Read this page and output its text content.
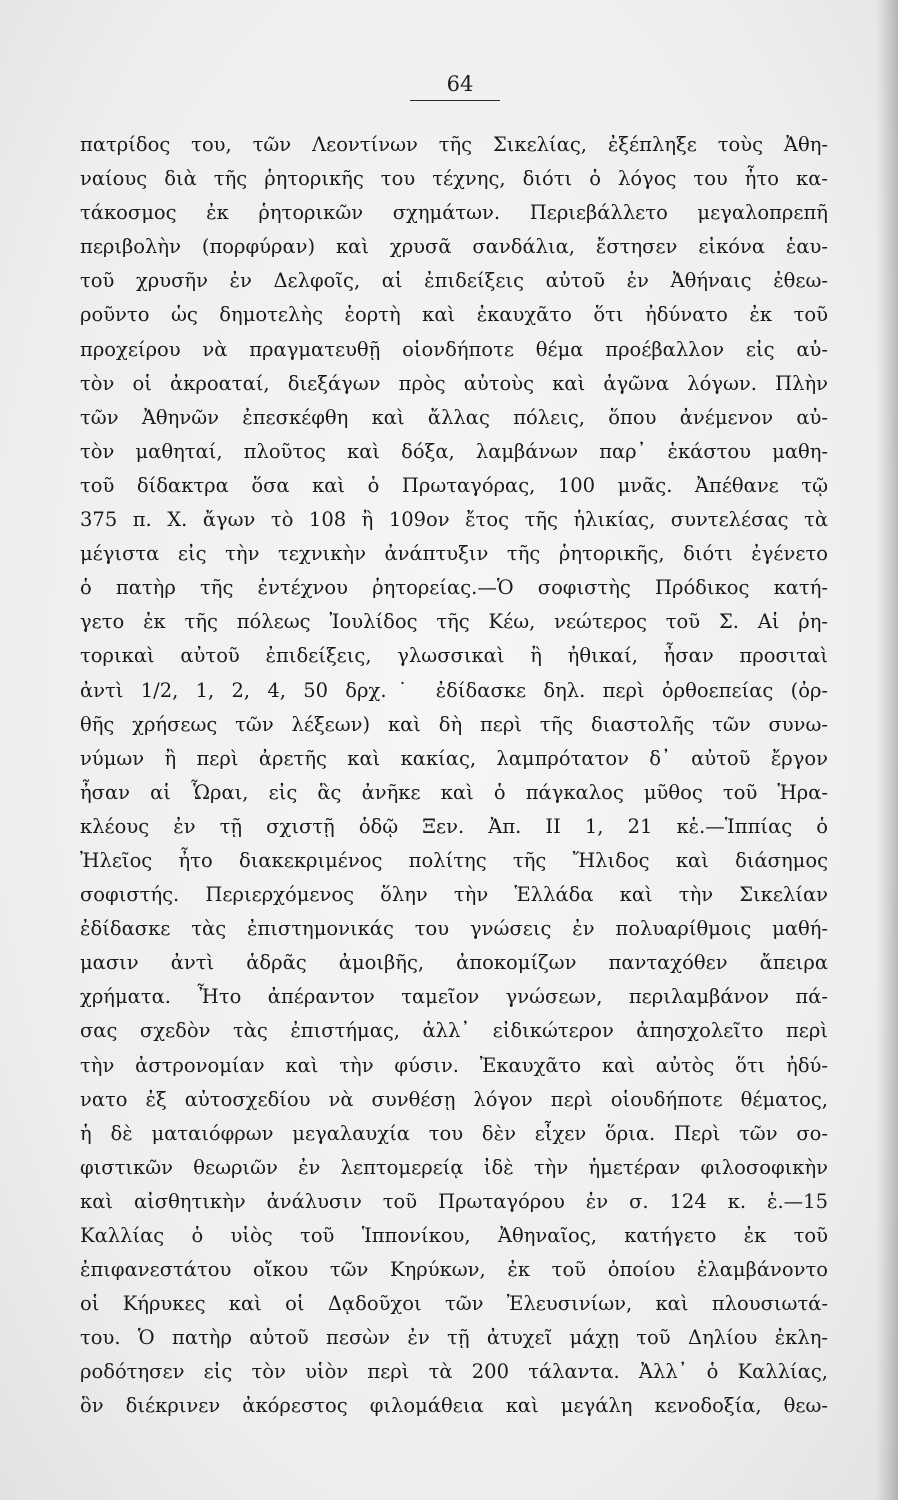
64
πατρίδος του, τῶν Λεοντίνων τῆς Σικελίας, ἐξέπληξε τοὺς Ἀθη-
ναίους διὰ τῆς ῥητορικῆς του τέχνης, διότι ὁ λόγος του ἦτο κα-
τάκοσμος ἐκ ῥητορικῶν σχημάτων. Περιεβάλλετο μεγαλοπρεπῆ
περιβολὴν (πορφύραν) καὶ χρυσᾶ σανδάλια, ἔστησεν εἰκόνα ἑαυ-
τοῦ χρυσῆν ἐν Δελφοῖς, αἱ ἐπιδείξεις αὐτοῦ ἐν Ἀθήναις ἐθεω-
ροῦντο ὡς δημοτελὴς ἑορτὴ καὶ ἐκαυχᾶτο ὅτι ἠδύνατο ἐκ τοῦ
προχείρου νὰ πραγματευθῇ οἱονδήποτε θέμα προέβαλλον εἰς αὐ-
τὸν οἱ ἀκροαταί, διεξάγων πρὸς αὐτοὺς καὶ ἀγῶνα λόγων. Πλὴν
τῶν Ἀθηνῶν ἐπεσκέφθη καὶ ἄλλας πόλεις, ὅπου ἀνέμενον αὐ-
τὸν μαθηταί, πλοῦτος καὶ δόξα, λαμβάνων παρ᾽ ἑκάστου μαθη-
τοῦ δίδακτρα ὅσα καὶ ὁ Πρωταγόρας, 100 μνᾶς. Ἀπέθανε τῷ
375 π. Χ. ἄγων τὸ 108 ἢ 109ον ἔτος τῆς ἡλικίας, συντελέσας τὰ
μέγιστα εἰς τὴν τεχνικὴν ἀνάπτυξιν τῆς ῥητορικῆς, διότι ἐγένετο
ὁ πατὴρ τῆς ἐντέχνου ῥητορείας.—Ὁ σοφιστὴς Πρόδικος κατή-
γετο ἐκ τῆς πόλεως Ἰουλίδος τῆς Κέω, νεώτερος τοῦ Σ. Αἱ ῥη-
τορικαὶ αὐτοῦ ἐπιδείξεις, γλωσσικαὶ ἢ ἠθικαί, ἦσαν προσιταὶ
ἀντὶ 1/2, 1, 2, 4, 50 δρχ.˙ ἐδίδασκε δηλ. περὶ ὀρθοεπείας (ὀρ-
θῆς χρήσεως τῶν λέξεων) καὶ δὴ περὶ τῆς διαστολῆς τῶν συνω-
νύμων ἢ περὶ ἀρετῆς καὶ κακίας, λαμπρότατον δ᾽ αὐτοῦ ἔργον
ἦσαν αἱ Ὧραι, εἰς ἃς ἀνῆκε καὶ ὁ πάγκαλος μῦθος τοῦ Ἡρα-
κλέους ἐν τῇ σχιστῇ ὁδῷ Ξεν. Ἀπ. II 1, 21 κἑ.—Ἱππίας ὁ
Ἠλεῖος ἦτο διακεκριμένος πολίτης τῆς Ἤλιδος καὶ διάσημος
σοφιστής. Περιερχόμενος ὅλην τὴν Ἑλλάδα καὶ τὴν Σικελίαν
ἐδίδασκε τὰς ἐπιστημονικάς του γνώσεις ἐν πολυαρίθμοις μαθή-
μασιν ἀντὶ ἁδρᾶς ἀμοιβῆς, ἀποκομίζων πανταχόθεν ἄπειρα
χρήματα. Ἦτο ἀπέραντον ταμεῖον γνώσεων, περιλαμβάνον πά-
σας σχεδὸν τὰς ἐπιστήμας, ἀλλ᾽ εἰδικώτερον ἀπησχολεῖτο περὶ
τὴν ἀστρονομίαν καὶ τὴν φύσιν. Ἐκαυχᾶτο καὶ αὐτὸς ὅτι ἠδύ-
νατο ἐξ αὐτοσχεδίου νὰ συνθέσῃ λόγον περὶ οἱουδήποτε θέματος,
ἡ δὲ ματαιόφρων μεγαλαυχία του δὲν εἶχεν ὅρια. Περὶ τῶν σο-
φιστικῶν θεωριῶν ἐν λεπτομερείᾳ ἰδὲ τὴν ἡμετέραν φιλοσοφικὴν
καὶ αἰσθητικὴν ἀνάλυσιν τοῦ Πρωταγόρου ἐν σ. 124 κ. ἑ.—15
Καλλίας ὁ υἱὸς τοῦ Ἱππονίκου, Ἀθηναῖος, κατήγετο ἐκ τοῦ
ἐπιφανεστάτου οἴκου τῶν Κηρύκων, ἐκ τοῦ ὁποίου ἐλαμβάνοντο
οἱ Κήρυκες καὶ οἱ Δᾳδοῦχοι τῶν Ἐλευσινίων, καὶ πλουσιωτά-
του. Ὁ πατὴρ αὐτοῦ πεσὼν ἐν τῇ ἀτυχεῖ μάχῃ τοῦ Δηλίου ἐκλη-
ροδότησεν εἰς τὸν υἱὸν περὶ τὰ 200 τάλαντα. Ἀλλ᾽ ὁ Καλλίας,
ὃν διέκρινεν ἀκόρεστος φιλομάθεια καὶ μεγάλη κενοδοξία, θεω-
